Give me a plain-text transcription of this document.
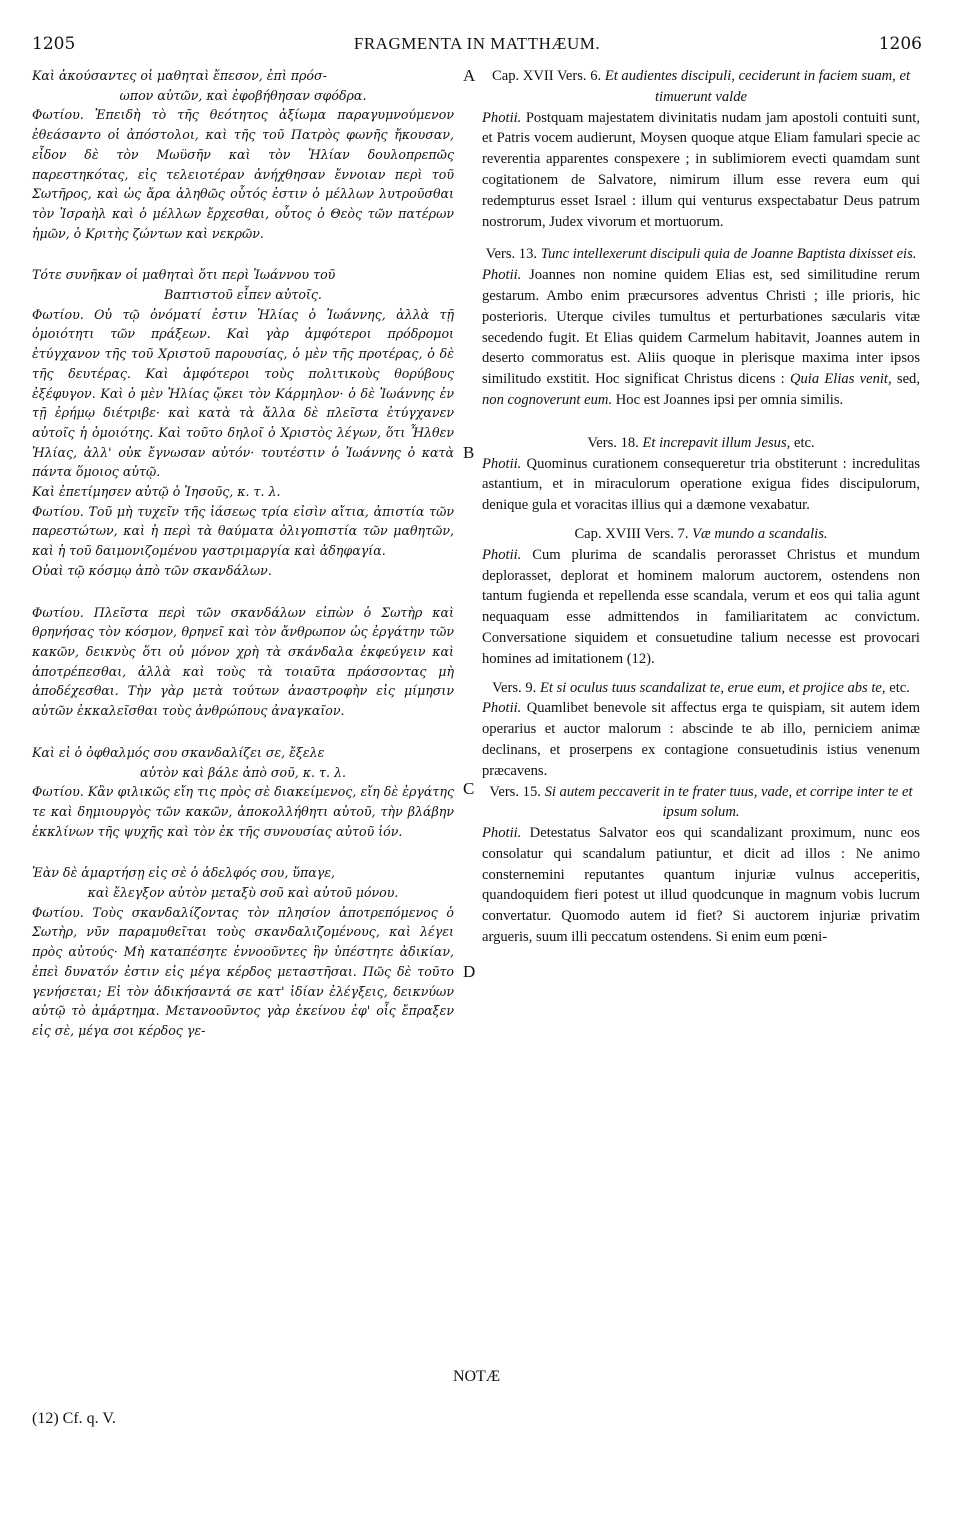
1205	FRAGMENTA IN MATTHÆUM.	1206
A
B
C
D
Καὶ ἀκούσαντες οἱ μαθηταὶ ἔπεσον, ἐπὶ πρόσ-
ωπον αὐτῶν, καὶ ἐφοβήθησαν σφόδρα.
Φωτίου. Ἐπειδὴ τὸ τῆς θεότητος ἀξίωμα παραγυμνούμενον ἐθεάσαντο οἱ ἀπόστολοι, καὶ τῆς τοῦ Πατρὸς φωνῆς ἤκουσαν, εἶδον δὲ τὸν Μωϋσῆν καὶ τὸν Ἠλίαν δουλοπρεπῶς παρεστηκότας, εἰς τελειοτέραν ἀνήχθησαν ἔννοιαν περὶ τοῦ Σωτῆρος, καὶ ὡς ἄρα ἀληθῶς οὗτός ἐστιν ὁ μέλλων λυτροῦσθαι τὸν Ἰσραὴλ καὶ ὁ μέλλων ἔρχεσθαι, οὗτος ὁ Θεὸς τῶν πατέρων ἡμῶν, ὁ Κριτὴς ζώντων καὶ νεκρῶν.
Τότε συνῆκαν οἱ μαθηταὶ ὅτι περὶ Ἰωάννου τοῦ
Βαπτιστοῦ εἶπεν αὐτοῖς.
Φωτίου. Οὐ τῷ ὀνόματί ἐστιν Ἠλίας ὁ Ἰωάννης, ἀλλὰ τῇ ὁμοιότητι τῶν πράξεων. Καὶ γὰρ ἀμφότεροι πρόδρομοι ἐτύγχανον τῆς τοῦ Χριστοῦ παρουσίας, ὁ μὲν τῆς προτέρας, ὁ δὲ τῆς δευτέρας. Καὶ ἀμφότεροι τοὺς πολιτικοὺς θορύβους ἐξέφυγον. Καὶ ὁ μὲν Ἠλίας ᾤκει τὸν Κάρμηλον· ὁ δὲ Ἰωάννης ἐν τῇ ἐρήμῳ διέτριβε· καὶ κατὰ τὰ ἄλλα δὲ πλεῖστα ἐτύγχανεν αὐτοῖς ἡ ὁμοιότης. Καὶ τοῦτο δηλοῖ ὁ Χριστὸς λέγων, ὅτι Ἦλθεν Ἠλίας, ἀλλ' οὐκ ἔγνωσαν αὐτόν· τουτέστιν ὁ Ἰωάννης ὁ κατὰ πάντα ὅμοιος αὐτῷ.
Καὶ ἐπετίμησεν αὐτῷ ὁ Ἰησοῦς, κ. τ. λ.
Φωτίου. Τοῦ μὴ τυχεῖν τῆς ἰάσεως τρία εἰσὶν αἴτια, ἀπιστία τῶν παρεστώτων, καὶ ἡ περὶ τὰ θαύματα ὀλιγοπιστία τῶν μαθητῶν, καὶ ἡ τοῦ δαιμονιζομένου γαστριμαργία καὶ ἀδηφαγία.
Οὐαὶ τῷ κόσμῳ ἀπὸ τῶν σκανδάλων.
Φωτίου. Πλεῖστα περὶ τῶν σκανδάλων εἰπὼν ὁ Σωτὴρ καὶ θρηνήσας τὸν κόσμον, θρηνεῖ καὶ τὸν ἄνθρωπον ὡς ἐργάτην τῶν κακῶν, δεικνὺς ὅτι οὐ μόνον χρὴ τὰ σκάνδαλα ἐκφεύγειν καὶ ἀποτρέπεσθαι, ἀλλὰ καὶ τοὺς τὰ τοιαῦτα πράσσοντας μὴ ἀποδέχεσθαι. Τὴν γὰρ μετὰ τούτων ἀναστροφὴν εἰς μίμησιν αὐτῶν ἐκκαλεῖσθαι τοὺς ἀνθρώπους ἀναγκαῖον.
Καὶ εἰ ὁ ὀφθαλμός σου σκανδαλίζει σε, ἔξελε
αὐτὸν καὶ βάλε ἀπὸ σοῦ, κ. τ. λ.
Φωτίου. Κἂν φιλικῶς εἴη τις πρὸς σὲ διακείμενος, εἴη δὲ ἐργάτης τε καὶ δημιουργὸς τῶν κακῶν, ἀποκολλήθητι αὐτοῦ, τὴν βλάβην ἐκκλίνων τῆς ψυχῆς καὶ τὸν ἐκ τῆς συνουσίας αὐτοῦ ἰόν.
Ἐὰν δὲ ἁμαρτήσῃ εἰς σὲ ὁ ἀδελφός σου, ὕπαγε,
καὶ ἔλεγξον αὐτὸν μεταξὺ σοῦ καὶ αὐτοῦ μόνου.
Φωτίου. Τοὺς σκανδαλίζοντας τὸν πλησίον ἀποτρεπόμενος ὁ Σωτὴρ, νῦν παραμυθεῖται τοὺς σκανδαλιζομένους, καὶ λέγει πρὸς αὐτούς· Μὴ καταπέσητε ἐννοοῦντες ἣν ὑπέστητε ἀδικίαν, ἐπεὶ δυνατόν ἐστιν εἰς μέγα κέρδος μεταστῆσαι. Πῶς δὲ τοῦτο γενήσεται; Εἰ τὸν ἀδικήσαντά σε κατ' ἰδίαν ἐλέγξεις, δεικνύων αὐτῷ τὸ ἁμάρτημα. Μετανοοῦντος γὰρ ἐκείνου ἐφ' οἷς ἔπραξεν εἰς σὲ, μέγα σοι κέρδος γε-
Cap. XVII Vers. 6. Et audientes discipuli, ceciderunt in faciem suam, et timuerunt valde
Photii. Postquam majestatem divinitatis nudam jam apostoli contuiti sunt, et Patris vocem audierunt, Moysen quoque atque Eliam famulari specie ac reverentia apparentes conspexere ; in sublimiorem evecti quamdam sunt cogitationem de Salvatore, nimirum illum esse revera eum qui redempturus esset Israel : illum qui venturus exspectabatur Deus patrum nostrorum, Judex vivorum et mortuorum.
Vers. 13. Tunc intellexerunt discipuli quia de Joanne Baptista dixisset eis.
Photii. Joannes non nomine quidem Elias est, sed similitudine rerum gestarum. Ambo enim præcursores adventus Christi ; ille prioris, hic posterioris. Uterque civiles tumultus et perturbationes sæcularis vitæ secedendo fugit. Et Elias quidem Carmelum habitavit, Joannes autem in deserto commoratus est. Aliis quoque in plerisque maxima inter ipsos similitudo exstitit. Hoc significat Christus dicens : Quia Elias venit, sed, non cognoverunt eum. Hoc est Joannes ipsi per omnia similis.
Vers. 18. Et increpavit illum Jesus, etc.
Photii. Quominus curationem consequeretur tria obstiterunt : incredulitas astantium, et in miraculorum operatione exigua fides discipulorum, denique gula et voracitas illius qui a dæmone vexabatur.
Cap. XVIII Vers. 7. Væ mundo a scandalis.
Photii. Cum plurima de scandalis perorasset Christus et mundum deplorasset, deplorat et hominem malorum auctorem, ostendens non tantum fugienda et repellenda esse scandala, verum et eos qui talia agunt nequaquam esse admittendos in familiaritatem ac convictum. Conversatione siquidem et consuetudine talium necesse est provocari homines ad imitationem (12).
Vers. 9. Et si oculus tuus scandalizat te, erue eum, et projice abs te, etc.
Photii. Quamlibet benevole sit affectus erga te quispiam, sit autem idem operarius et auctor malorum : abscinde te ab illo, perniciem animæ declinans, et proserpens ex contagione consuetudinis istius venenum præcavens.
Vers. 15. Si autem peccaverit in te frater tuus, vade, et corripe inter te et ipsum solum.
Photii. Detestatus Salvator eos qui scandalizant proximum, nunc eos consolatur qui scandalum patiuntur, et dicit ad illos : Ne animo consternemini reputantes quantum injuriæ vulnus acceperitis, quandoquidem fieri potest ut illud quodcunque in magnum vobis lucrum convertatur. Quomodo autem id fiet? Si auctorem injuriæ privatim argueris, suum illi peccatum ostendens. Si enim eum pœni-
NOTÆ
(12) Cf. q. V.
